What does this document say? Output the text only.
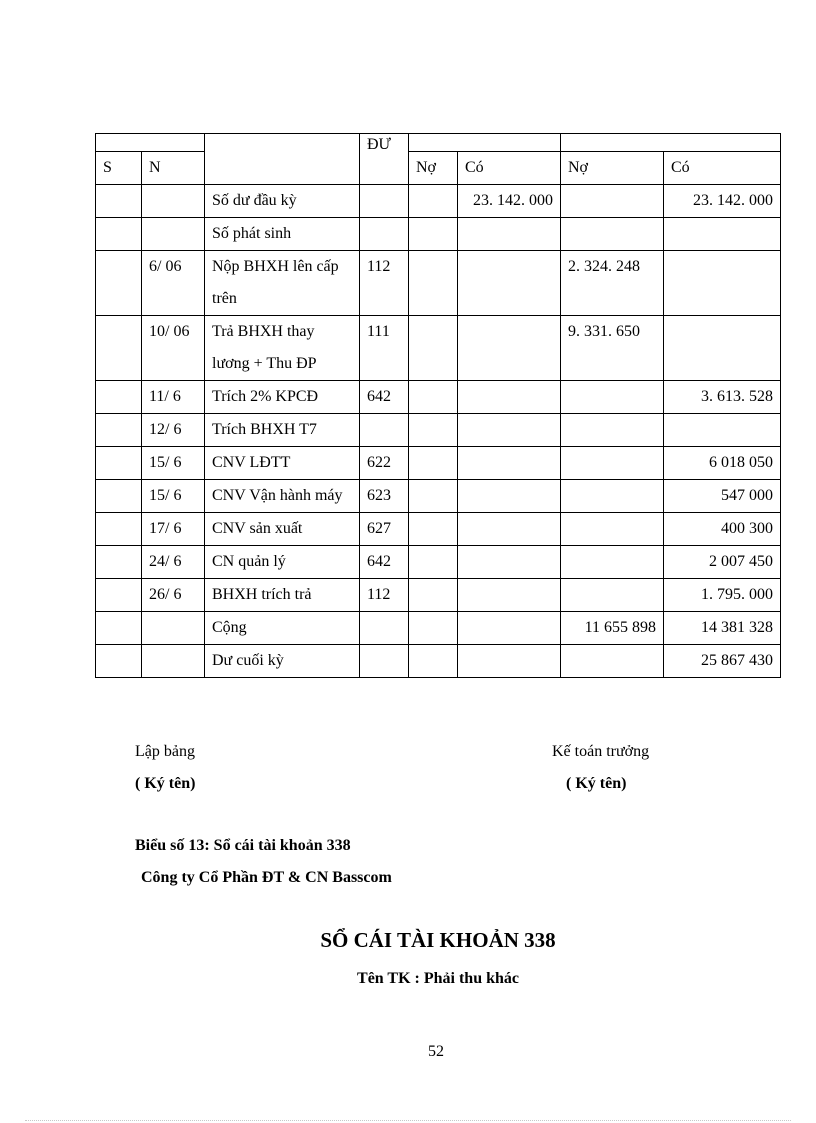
			ĐƯ				
S	N			Nợ	Có	Nợ	Có
		Số dư đầu kỳ			23. 142. 000		23. 142. 000
		Số phát sinh					
	6/ 06	Nộp BHXH lên cấp trên	112			2. 324. 248	
	10/ 06	Trả BHXH thay lương + Thu ĐP	111			9. 331. 650	
	11/ 6	Trích 2% KPCĐ	642				3. 613. 528
	12/ 6	Trích BHXH T7					
	15/ 6	CNV LĐTT	622				6 018 050
	15/ 6	CNV Vận hành máy	623				547 000
	17/ 6	CNV sản xuất	627				400 300
	24/ 6	CN quản lý	642				2 007 450
	26/ 6	BHXH trích trả	112				1. 795. 000
		Cộng				11 655 898	14 381 328
		Dư cuối kỳ					25 867 430
Lập bảng
( Ký tên)
Kế toán trưởng
( Ký tên)
Biểu số 13: Sổ cái tài khoản 338
Công ty Cổ Phần ĐT & CN Basscom
SỔ CÁI TÀI KHOẢN 338
Tên TK : Phải thu khác
52
